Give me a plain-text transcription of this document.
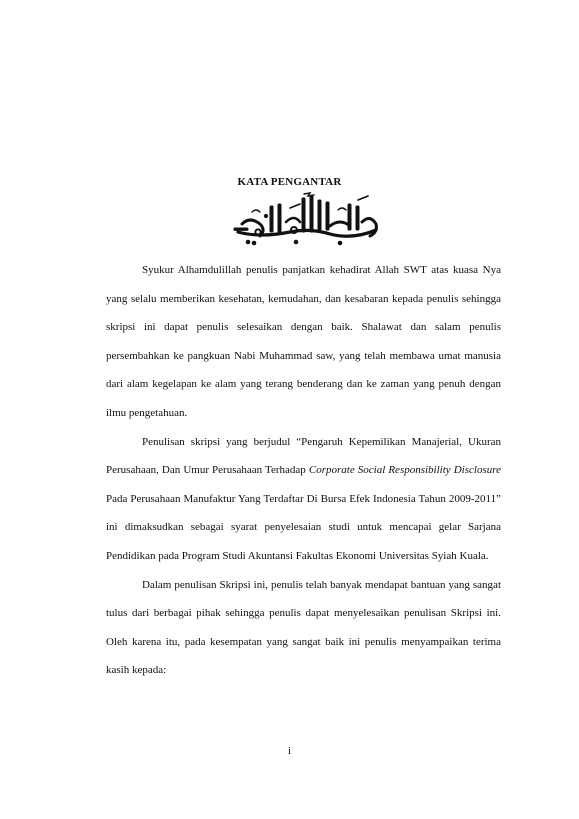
KATA PENGANTAR

Syukur Alhamdulillah penulis panjatkan kehadirat Allah SWT atas kuasa Nya yang selalu memberikan kesehatan, kemudahan, dan kesabaran kepada penulis sehingga skripsi ini dapat penulis selesaikan dengan baik. Shalawat dan salam penulis persembahkan ke pangkuan Nabi Muhammad saw, yang telah membawa umat manusia dari alam kegelapan ke alam yang terang benderang dan ke zaman yang penuh dengan ilmu pengetahuan.

Penulisan skripsi yang berjudul “Pengaruh Kepemilikan Manajerial, Ukuran Perusahaan, Dan Umur Perusahaan Terhadap Corporate Social Responsibility Disclosure Pada Perusahaan Manufaktur Yang Terdaftar Di Bursa Efek Indonesia Tahun 2009-2011” ini dimaksudkan sebagai syarat penyelesaian studi untuk mencapai gelar Sarjana Pendidikan pada Program Studi Akuntansi Fakultas Ekonomi Universitas Syiah Kuala.

Dalam penulisan Skripsi ini, penulis telah banyak mendapat bantuan yang sangat tulus dari berbagai pihak sehingga penulis dapat menyelesaikan penulisan Skripsi ini. Oleh karena itu, pada kesempatan yang sangat baik ini penulis menyampaikan terima kasih kepada:

i
